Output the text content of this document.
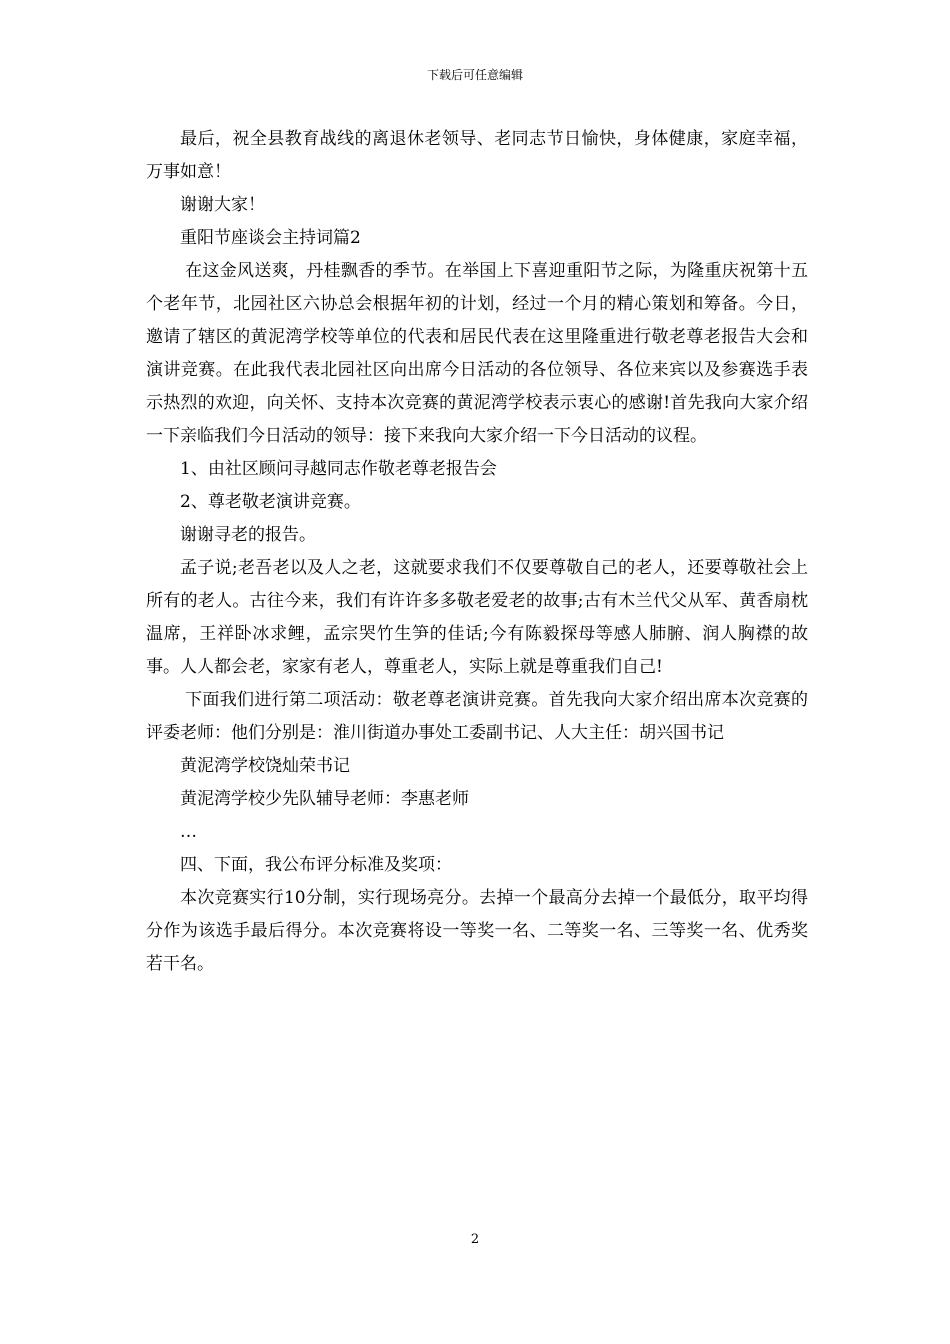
下载后可任意编辑

最后，祝全县教育战线的离退休老领导、老同志节日愉快，身体健康，家庭幸福，万事如意！

谢谢大家！

重阳节座谈会主持词篇2

在这金风送爽，丹桂飘香的季节。在举国上下喜迎重阳节之际，为隆重庆祝第十五个老年节，北园社区六协总会根据年初的计划，经过一个月的精心策划和筹备。今日，邀请了辖区的黄泥湾学校等单位的代表和居民代表在这里隆重进行敬老尊老报告大会和演讲竞赛。在此我代表北园社区向出席今日活动的各位领导、各位来宾以及参赛选手表示热烈的欢迎，向关怀、支持本次竞赛的黄泥湾学校表示衷心的感谢!首先我向大家介绍一下亲临我们今日活动的领导：接下来我向大家介绍一下今日活动的议程。

1、由社区顾问寻越同志作敬老尊老报告会

2、尊老敬老演讲竞赛。

谢谢寻老的报告。

孟子说;老吾老以及人之老，这就要求我们不仅要尊敬自己的老人，还要尊敬社会上所有的老人。古往今来，我们有许许多多敬老爱老的故事;古有木兰代父从军、黄香扇枕温席，王祥卧冰求鲤，孟宗哭竹生笋的佳话;今有陈毅探母等感人肺腑、润人胸襟的故事。人人都会老，家家有老人，尊重老人，实际上就是尊重我们自己!

下面我们进行第二项活动：敬老尊老演讲竞赛。首先我向大家介绍出席本次竞赛的评委老师：他们分别是：淮川街道办事处工委副书记、人大主任：胡兴国书记

黄泥湾学校饶灿荣书记

黄泥湾学校少先队辅导老师：李惠老师

…

四、下面，我公布评分标准及奖项：

本次竞赛实行10分制，实行现场亮分。去掉一个最高分去掉一个最低分，取平均得分作为该选手最后得分。本次竞赛将设一等奖一名、二等奖一名、三等奖一名、优秀奖若干名。

2
